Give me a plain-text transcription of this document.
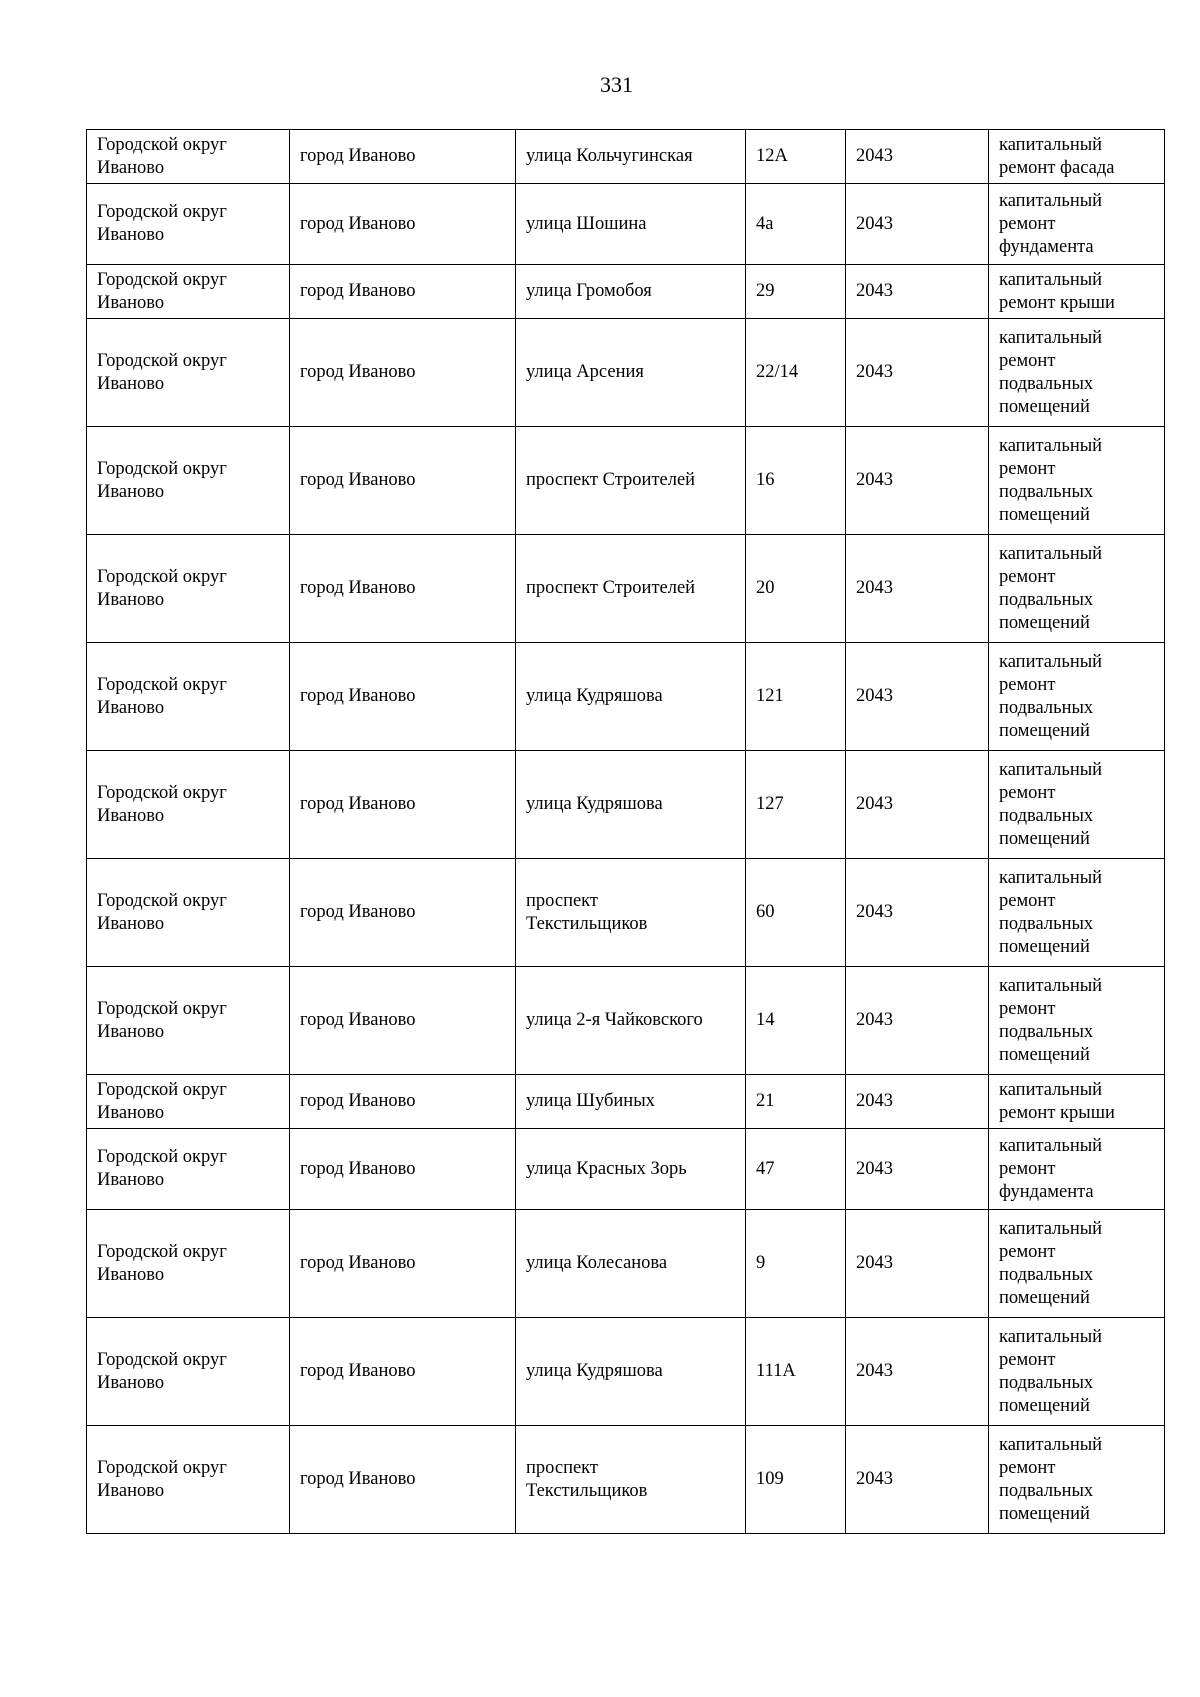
331
Городской округ
Иваново	город Иваново	улица Кольчугинская	12А	2043	капитальный
ремонт фасада

Городской округ
Иваново	город Иваново	улица Шошина	4а	2043	капитальный
ремонт
фундамента

Городской округ
Иваново	город Иваново	улица Громобоя	29	2043	капитальный
ремонт крыши

Городской округ
Иваново	город Иваново	улица Арсения	22/14	2043	капитальный
ремонт
подвальных
помещений

Городской округ
Иваново	город Иваново	проспект Строителей	16	2043	капитальный
ремонт
подвальных
помещений

Городской округ
Иваново	город Иваново	проспект Строителей	20	2043	капитальный
ремонт
подвальных
помещений

Городской округ
Иваново	город Иваново	улица Кудряшова	121	2043	капитальный
ремонт
подвальных
помещений

Городской округ
Иваново	город Иваново	улица Кудряшова	127	2043	капитальный
ремонт
подвальных
помещений

Городской округ
Иваново	город Иваново	проспект
Текстильщиков	60	2043	капитальный
ремонт
подвальных
помещений

Городской округ
Иваново	город Иваново	улица 2-я Чайковского	14	2043	капитальный
ремонт
подвальных
помещений

Городской округ
Иваново	город Иваново	улица Шубиных	21	2043	капитальный
ремонт крыши

Городской округ
Иваново	город Иваново	улица Красных Зорь	47	2043	капитальный
ремонт
фундамента

Городской округ
Иваново	город Иваново	улица Колесанова	9	2043	капитальный
ремонт
подвальных
помещений

Городской округ
Иваново	город Иваново	улица Кудряшова	111А	2043	капитальный
ремонт
подвальных
помещений

Городской округ
Иваново	город Иваново	проспект
Текстильщиков	109	2043	капитальный
ремонт
подвальных
помещений
